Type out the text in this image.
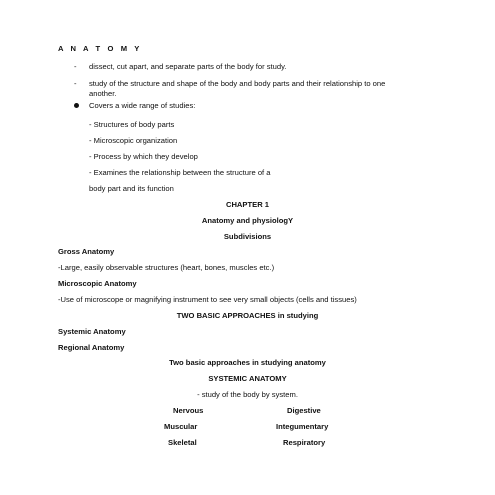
A N A T O M Y
- dissect, cut apart, and separate parts of the body for study.
- study of the structure and shape of the body and body parts and their relationship to one
another.
Covers a wide range of studies:
- Structures of body parts
- Microscopic organization
- Process by which they develop
- Examines the relationship between the structure of a
body part and its function
CHAPTER 1
Anatomy and physiologY
Subdivisions
Gross Anatomy
-Large, easily observable structures (heart, bones, muscles etc.)
Microscopic Anatomy
-Use of microscope or magnifying instrument to see very small objects (cells and tissues)
TWO BASIC APPROACHES in studying
Systemic Anatomy
Regional Anatomy
Two basic approaches in studying anatomy
SYSTEMIC ANATOMY
- study of the body by system.
Nervous	Digestive
Muscular	Integumentary
Skeletal	Respiratory
